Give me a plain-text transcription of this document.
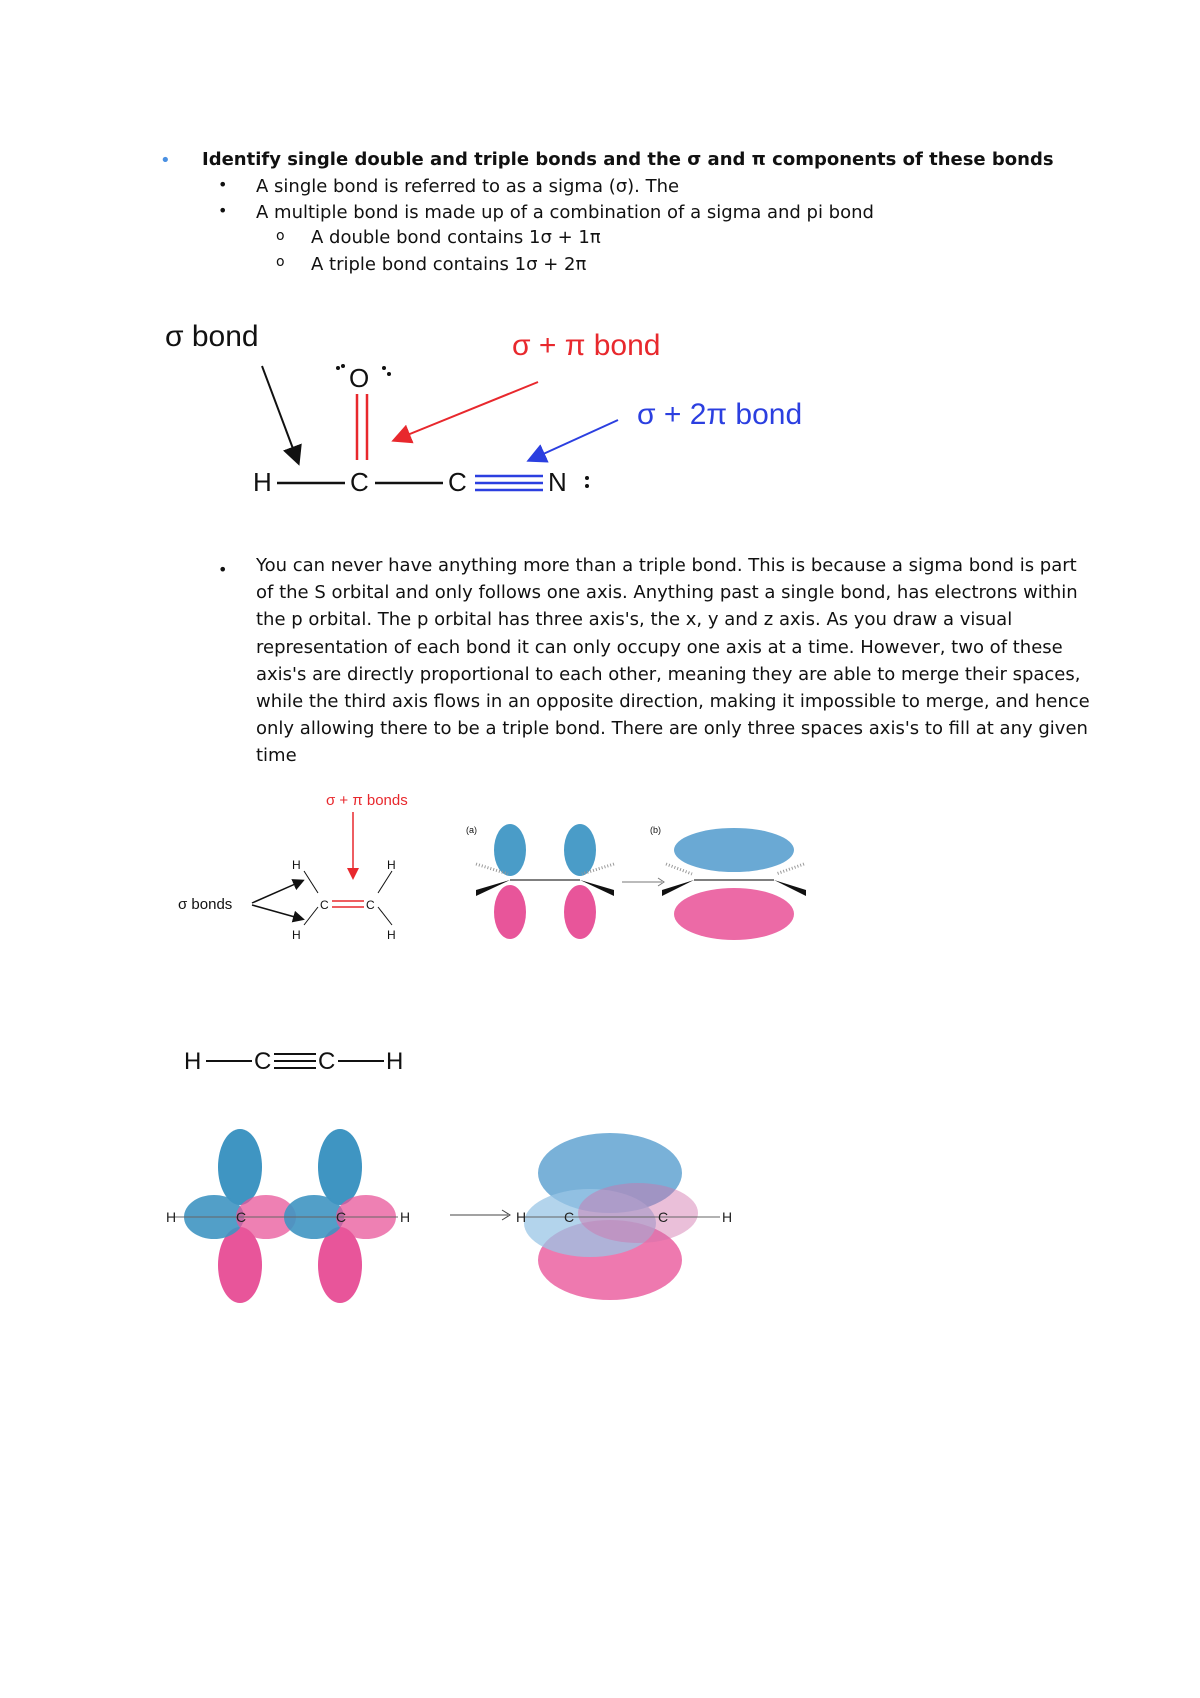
• Identify single double and triple bonds and the σ and π components of these bonds
• A single bond is referred to as a sigma (σ). The
• A multiple bond is made up of a combination of a sigma and pi bond
o A double bond contains 1σ + 1π
o A triple bond contains 1σ + 2π
σ bond	σ + π bond
σ + 2π bond
H	C	C	N
O
• You can never have anything more than a triple bond. This is because a sigma bond is part of the S orbital and only follows one axis. Anything past a single bond, has electrons within the p orbital. The p orbital has three axis's, the x, y and z axis. As you draw a visual representation of each bond it can only occupy one axis at a time. However, two of these axis's are directly proportional to each other, meaning they are able to merge their spaces, while the third axis flows in an opposite direction, making it impossible to merge, and hence only allowing there to be a triple bond. There are only three spaces axis's to fill at any given time
σ + π bonds
σ bonds
H
H
H
H
C	C
(a)	(b)
H C C H
H	C	C	H	H	C	C	H
